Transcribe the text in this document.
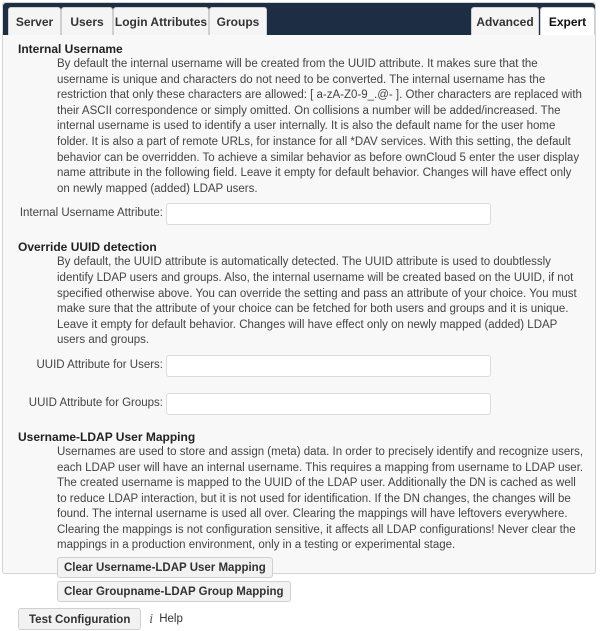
Server	Users Login Attributes Groups	Advanced	Expert

Internal Username

By default the internal username will be created from the UUID attribute. It makes sure that the username is unique and characters do not need to be converted. The internal username has the restriction that only these characters are allowed: [ a-zA-Z0-9_.@- ]. Other characters are replaced with their ASCII correspondence or simply omitted. On collisions a number will be added/increased. The internal username is used to identify a user internally. It is also the default name for the user home folder. It is also a part of remote URLs, for instance for all *DAV services. With this setting, the default behavior can be overridden. To achieve a similar behavior as before ownCloud 5 enter the user display name attribute in the following field. Leave it empty for default behavior. Changes will have effect only on newly mapped (added) LDAP users.

Internal Username Attribute:

Override UUID detection

By default, the UUID attribute is automatically detected. The UUID attribute is used to doubtlessly identify LDAP users and groups. Also, the internal username will be created based on the UUID, if not specified otherwise above. You can override the setting and pass an attribute of your choice. You must make sure that the attribute of your choice can be fetched for both users and groups and it is unique. Leave it empty for default behavior. Changes will have effect only on newly mapped (added) LDAP users and groups.

UUID Attribute for Users:
UUID Attribute for Groups:

Username-LDAP User Mapping

Usernames are used to store and assign (meta) data. In order to precisely identify and recognize users, each LDAP user will have an internal username. This requires a mapping from username to LDAP user. The created username is mapped to the UUID of the LDAP user. Additionally the DN is cached as well to reduce LDAP interaction, but it is not used for identification. If the DN changes, the changes will be found. The internal username is used all over. Clearing the mappings will have leftovers everywhere. Clearing the mappings is not configuration sensitive, it affects all LDAP configurations! Never clear the mappings in a production environment, only in a testing or experimental stage.

Clear Username-LDAP User Mapping
Clear Groupname-LDAP Group Mapping
Test Configuration	i Help
